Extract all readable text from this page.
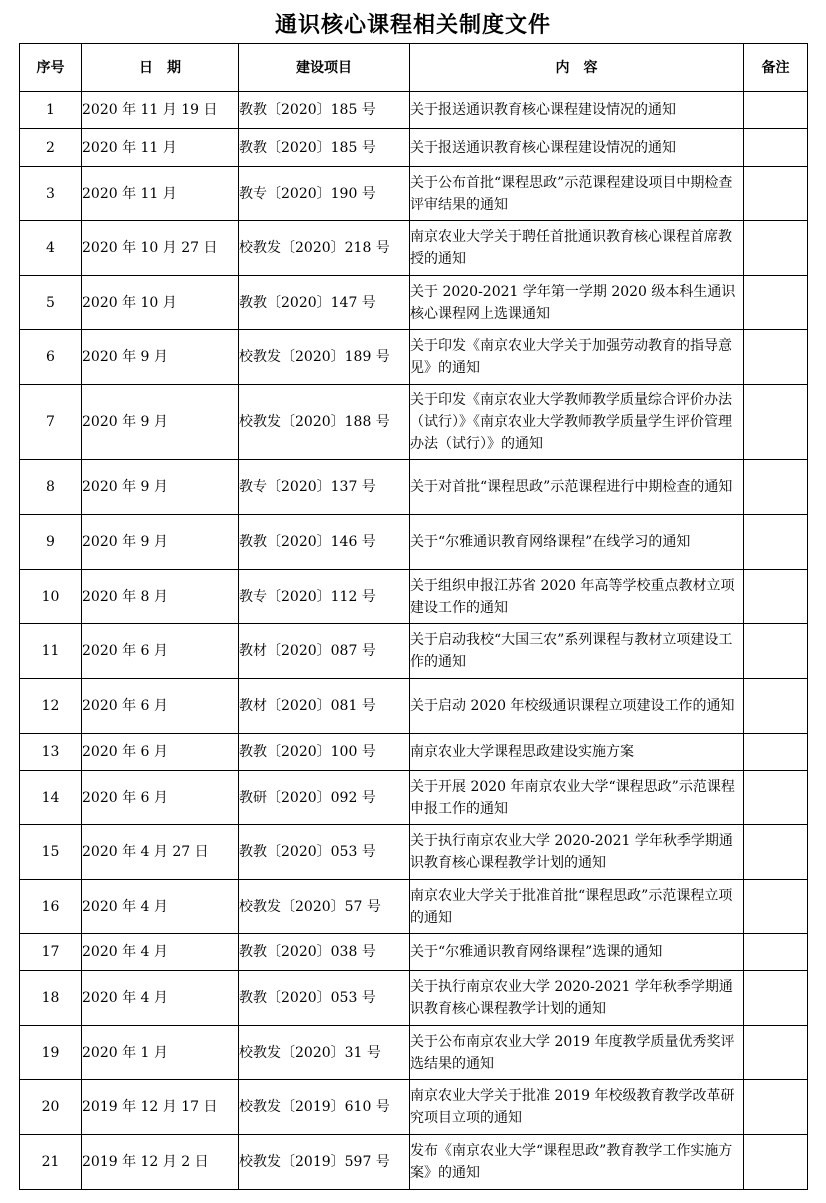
通识核心课程相关制度文件
序号	日　期	建设项目	内　容	备注
1	2020 年 11 月 19 日	教教〔2020〕185 号	关于报送通识教育核心课程建设情况的通知	
2	2020 年 11 月	教教〔2020〕185 号	关于报送通识教育核心课程建设情况的通知	
3	2020 年 11 月	教专〔2020〕190 号	关于公布首批“课程思政”示范课程建设项目中期检查评审结果的通知	
4	2020 年 10 月 27 日	校教发〔2020〕218 号	南京农业大学关于聘任首批通识教育核心课程首席教授的通知	
5	2020 年 10 月	教教〔2020〕147 号	关于 2020-2021 学年第一学期 2020 级本科生通识核心课程网上选课通知	
6	2020 年 9 月	校教发〔2020〕189 号	关于印发《南京农业大学关于加强劳动教育的指导意见》的通知	
7	2020 年 9 月	校教发〔2020〕188 号	关于印发《南京农业大学教师教学质量综合评价办法（试行）》《南京农业大学教师教学质量学生评价管理办法（试行）》的通知	
8	2020 年 9 月	教专〔2020〕137 号	关于对首批“课程思政”示范课程进行中期检查的通知	
9	2020 年 9 月	教教〔2020〕146 号	关于“尔雅通识教育网络课程”在线学习的通知	
10	2020 年 8 月	教专〔2020〕112 号	关于组织申报江苏省 2020 年高等学校重点教材立项建设工作的通知	
11	2020 年 6 月	教材〔2020〕087 号	关于启动我校“大国三农”系列课程与教材立项建设工作的通知	
12	2020 年 6 月	教材〔2020〕081 号	关于启动 2020 年校级通识课程立项建设工作的通知	
13	2020 年 6 月	教教〔2020〕100 号	南京农业大学课程思政建设实施方案	
14	2020 年 6 月	教研〔2020〕092 号	关于开展 2020 年南京农业大学“课程思政”示范课程申报工作的通知	
15	2020 年 4 月 27 日	教教〔2020〕053 号	关于执行南京农业大学 2020-2021 学年秋季学期通识教育核心课程教学计划的通知	
16	2020 年 4 月	校教发〔2020〕57 号	南京农业大学关于批准首批“课程思政”示范课程立项的通知	
17	2020 年 4 月	教教〔2020〕038 号	关于“尔雅通识教育网络课程”选课的通知	
18	2020 年 4 月	教教〔2020〕053 号	关于执行南京农业大学 2020-2021 学年秋季学期通识教育核心课程教学计划的通知	
19	2020 年 1 月	校教发〔2020〕31 号	关于公布南京农业大学 2019 年度教学质量优秀奖评选结果的通知	
20	2019 年 12 月 17 日	校教发〔2019〕610 号	南京农业大学关于批准 2019 年校级教育教学改革研究项目立项的通知	
21	2019 年 12 月 2 日	校教发〔2019〕597 号	发布《南京农业大学“课程思政”教育教学工作实施方案》的通知	
